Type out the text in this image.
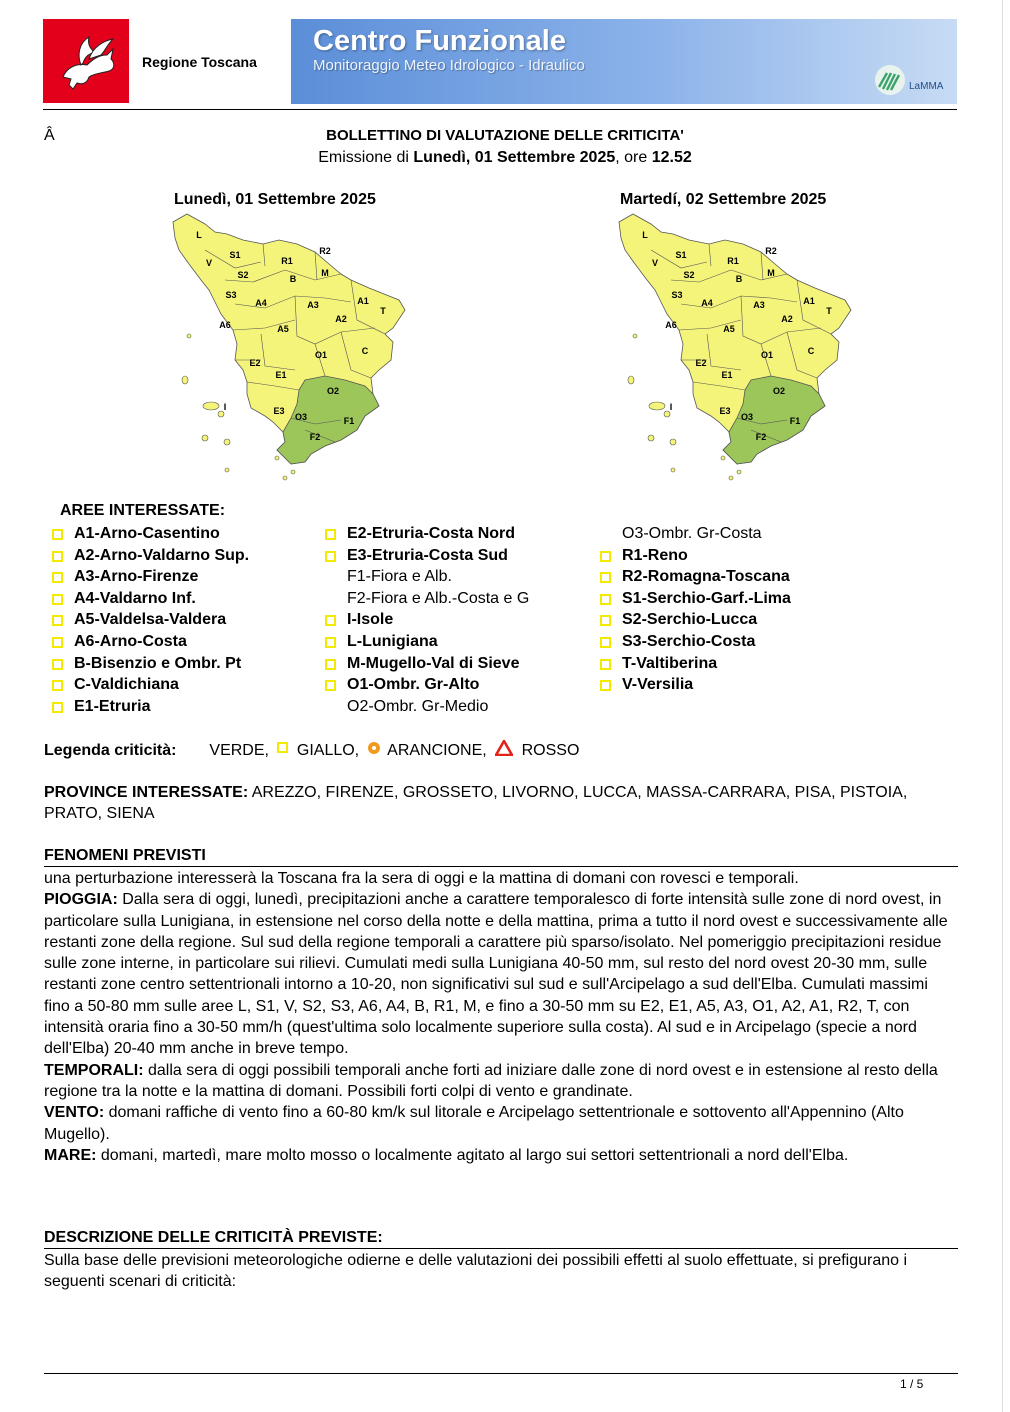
Regione Toscana
Centro Funzionale
Monitoraggio Meteo Idrologico - Idraulico
LaMMA
Â	BOLLETTINO DI VALUTAZIONE DELLE CRITICITA'
Emissione di Lunedì, 01 Settembre 2025, ore 12.52
Lunedì, 01 Settembre 2025	Martedí, 02 Settembre 2025
L
V
S1
S2
S3
R1
R2
M
B
A4	A3	A1
A6	A5
A2
T
O1	C
E2
E1
O2
E3
O3	F1
F2
I
L
V
S1
S2
S3
R1
R2
M
B
A4	A3	A1
A6	A5
A2
T
O1	C
E2
E1
O2
E3
O3	F1
F2
I
AREE INTERESSATE:
A1-Arno-Casentino
A2-Arno-Valdarno Sup.
A3-Arno-Firenze
A4-Valdarno Inf.
A5-Valdelsa-Valdera
A6-Arno-Costa
B-Bisenzio e Ombr. Pt
C-Valdichiana
E1-Etruria
E2-Etruria-Costa Nord
E3-Etruria-Costa Sud
F1-Fiora e Alb.
F2-Fiora e Alb.-Costa e G
I-Isole
L-Lunigiana
M-Mugello-Val di Sieve
O1-Ombr. Gr-Alto
O2-Ombr. Gr-Medio
O3-Ombr. Gr-Costa
R1-Reno
R2-Romagna-Toscana
S1-Serchio-Garf.-Lima
S2-Serchio-Lucca
S3-Serchio-Costa
T-Valtiberina
V-Versilia
Legenda criticità: VERDE, GIALLO, ARANCIONE, ROSSO
PROVINCE INTERESSATE: AREZZO, FIRENZE, GROSSETO, LIVORNO, LUCCA, MASSA-CARRARA, PISA, PISTOIA, PRATO, SIENA
FENOMENI PREVISTI

una perturbazione interesserà la Toscana fra la sera di oggi e la mattina di domani con rovesci e temporali.

PIOGGIA: Dalla sera di oggi, lunedì, precipitazioni anche a carattere temporalesco di forte intensità sulle zone di nord ovest, in particolare sulla Lunigiana, in estensione nel corso della notte e della mattina, prima a tutto il nord ovest e successivamente alle restanti zone della regione. Sul sud della regione temporali a carattere più sparso/isolato. Nel pomeriggio precipitazioni residue sulle zone interne, in particolare sui rilievi. Cumulati medi sulla Lunigiana 40-50 mm, sul resto del nord ovest 20-30 mm, sulle restanti zone centro settentrionali intorno a 10-20, non significativi sul sud e sull'Arcipelago a sud dell'Elba. Cumulati massimi fino a 50-80 mm sulle aree L, S1, V, S2, S3, A6, A4, B, R1, M, e fino a 30-50 mm su E2, E1, A5, A3, O1, A2, A1, R2, T, con intensità oraria fino a 30-50 mm/h (quest'ultima solo localmente superiore sulla costa). Al sud e in Arcipelago (specie a nord dell'Elba) 20-40 mm anche in breve tempo.

TEMPORALI: dalla sera di oggi possibili temporali anche forti ad iniziare dalle zone di nord ovest e in estensione al resto della regione tra la notte e la mattina di domani. Possibili forti colpi di vento e grandinate.

VENTO: domani raffiche di vento fino a 60-80 km/k sul litorale e Arcipelago settentrionale e sottovento all'Appennino (Alto Mugello).

MARE: domani, martedì, mare molto mosso o localmente agitato al largo sui settori settentrionali a nord dell'Elba.

DESCRIZIONE DELLE CRITICITÀ PREVISTE:
Sulla base delle previsioni meteorologiche odierne e delle valutazioni dei possibili effetti al suolo effettuate, si prefigurano i seguenti scenari di criticità:
1 / 5
